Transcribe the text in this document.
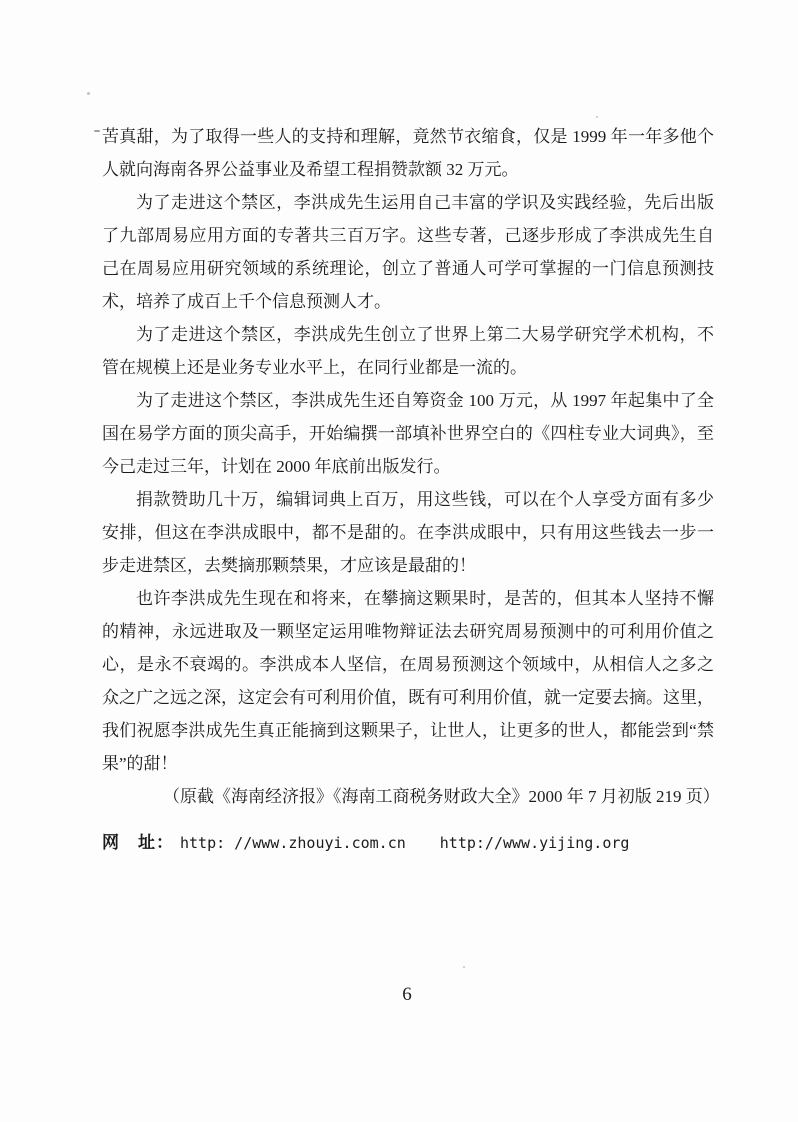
苦真甜，为了取得一些人的支持和理解，竟然节衣缩食，仅是 1999 年一年多他个
人就向海南各界公益事业及希望工程捐赞款额 32 万元。
为了走进这个禁区，李洪成先生运用自己丰富的学识及实践经验，先后出版
了九部周易应用方面的专著共三百万字。这些专著，己逐步形成了李洪成先生自
己在周易应用研究领域的系统理论，创立了普通人可学可掌握的一门信息预测技
术，培养了成百上千个信息预测人才。
为了走进这个禁区，李洪成先生创立了世界上第二大易学研究学术机构，不
管在规模上还是业务专业水平上，在同行业都是一流的。
为了走进这个禁区，李洪成先生还自筹资金 100 万元，从 1997 年起集中了全
国在易学方面的顶尖高手，开始编撰一部填补世界空白的《四柱专业大词典》，至
今己走过三年，计划在 2000 年底前出版发行。
捐款赞助几十万，编辑词典上百万，用这些钱，可以在个人享受方面有多少
安排，但这在李洪成眼中，都不是甜的。在李洪成眼中，只有用这些钱去一步一
步走进禁区，去樊摘那颗禁果，才应该是最甜的！
也许李洪成先生现在和将来，在攀摘这颗果时，是苦的，但其本人坚持不懈
的精神，永远进取及一颗坚定运用唯物辩证法去研究周易预测中的可利用价值之
心，是永不衰竭的。李洪成本人坚信，在周易预测这个领域中，从相信人之多之
众之广之远之深，这定会有可利用价值，既有可利用价值，就一定要去摘。这里，
我们祝愿李洪成先生真正能摘到这颗果子，让世人，让更多的世人，都能尝到“禁
果”的甜！
（原截《海南经济报》《海南工商税务财政大全》2000 年 7 月初版 219 页）
网　址： http: //www.zhouyi.com.cn http://www.yijing.org
6
